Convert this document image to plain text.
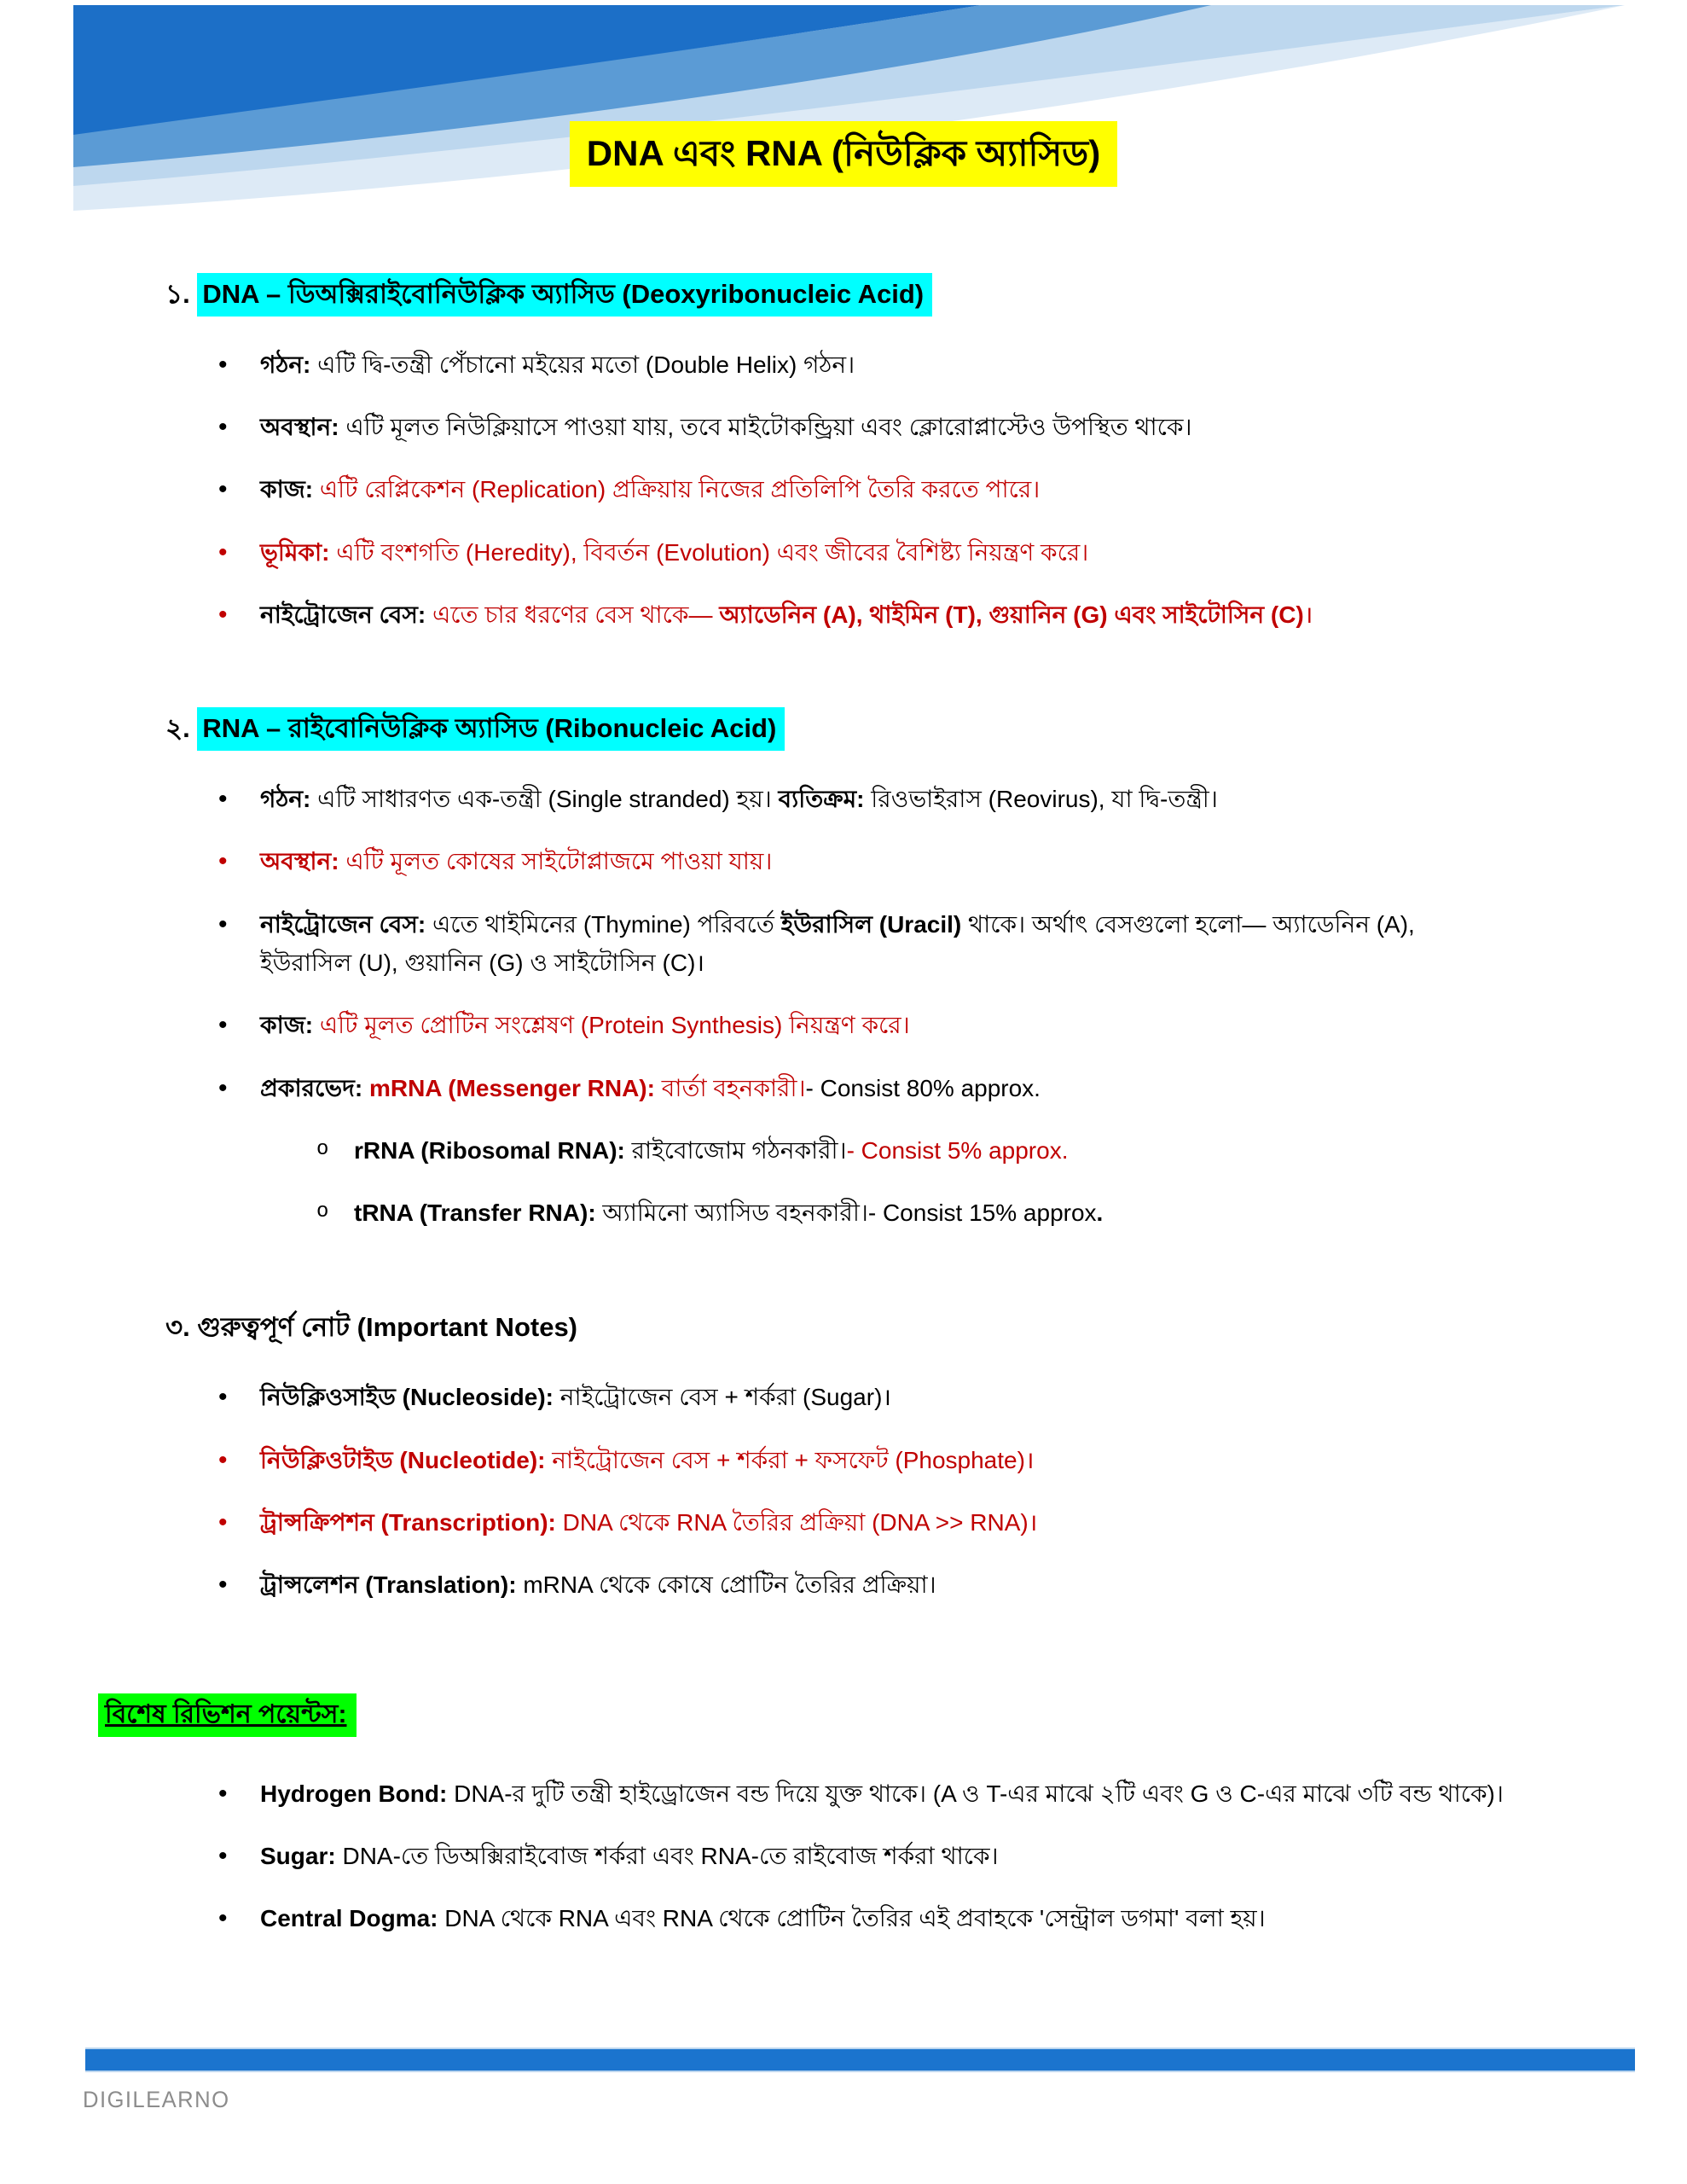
DNA এবং RNA (নিউক্লিক অ্যাসিড)
১. DNA – ডিঅক্সিরাইবোনিউক্লিক অ্যাসিড (Deoxyribonucleic Acid)
•	গঠন: এটি দ্বি-তন্ত্রী পেঁচানো মইয়ের মতো (Double Helix) গঠন।
•	অবস্থান: এটি মূলত নিউক্লিয়াসে পাওয়া যায়, তবে মাইটোকন্ড্রিয়া এবং ক্লোরোপ্লাস্টেও উপস্থিত থাকে।
•	কাজ: এটি রেপ্লিকেশন (Replication) প্রক্রিয়ায় নিজের প্রতিলিপি তৈরি করতে পারে।
•	ভূমিকা: এটি বংশগতি (Heredity), বিবর্তন (Evolution) এবং জীবের বৈশিষ্ট্য নিয়ন্ত্রণ করে।
•	নাইট্রোজেন বেস: এতে চার ধরণের বেস থাকে— অ্যাডেনিন (A), থাইমিন (T), গুয়ানিন (G) এবং সাইটোসিন (C)।
২. RNA – রাইবোনিউক্লিক অ্যাসিড (Ribonucleic Acid)
•	গঠন: এটি সাধারণত এক-তন্ত্রী (Single stranded) হয়। ব্যতিক্রম: রিওভাইরাস (Reovirus), যা দ্বি-তন্ত্রী।
•	অবস্থান: এটি মূলত কোষের সাইটোপ্লাজমে পাওয়া যায়।
•	নাইট্রোজেন বেস: এতে থাইমিনের (Thymine) পরিবর্তে ইউরাসিল (Uracil) থাকে। অর্থাৎ বেসগুলো হলো— অ্যাডেনিন (A), ইউরাসিল (U), গুয়ানিন (G) ও সাইটোসিন (C)।
•	কাজ: এটি মূলত প্রোটিন সংশ্লেষণ (Protein Synthesis) নিয়ন্ত্রণ করে।
•	প্রকারভেদ: mRNA (Messenger RNA): বার্তা বহনকারী।- Consist 80% approx.
o	rRNA (Ribosomal RNA): রাইবোজোম গঠনকারী।- Consist 5% approx.
o	tRNA (Transfer RNA): অ্যামিনো অ্যাসিড বহনকারী।- Consist 15% approx.
৩. গুরুত্বপূর্ণ নোট (Important Notes)
•	নিউক্লিওসাইড (Nucleoside): নাইট্রোজেন বেস + শর্করা (Sugar)।
•	নিউক্লিওটাইড (Nucleotide): নাইট্রোজেন বেস + শর্করা + ফসফেট (Phosphate)।
•	ট্রান্সক্রিপশন (Transcription): DNA থেকে RNA তৈরির প্রক্রিয়া (DNA >> RNA)।
•	ট্রান্সলেশন (Translation): mRNA থেকে কোষে প্রোটিন তৈরির প্রক্রিয়া।
বিশেষ রিভিশন পয়েন্টস:
•	Hydrogen Bond: DNA-র দুটি তন্ত্রী হাইড্রোজেন বন্ড দিয়ে যুক্ত থাকে। (A ও T-এর মাঝে ২টি এবং G ও C-এর মাঝে ৩টি বন্ড থাকে)।
•	Sugar: DNA-তে ডিঅক্সিরাইবোজ শর্করা এবং RNA-তে রাইবোজ শর্করা থাকে।
•	Central Dogma: DNA থেকে RNA এবং RNA থেকে প্রোটিন তৈরির এই প্রবাহকে 'সেন্ট্রাল ডগমা' বলা হয়।
DIGILEARNO
